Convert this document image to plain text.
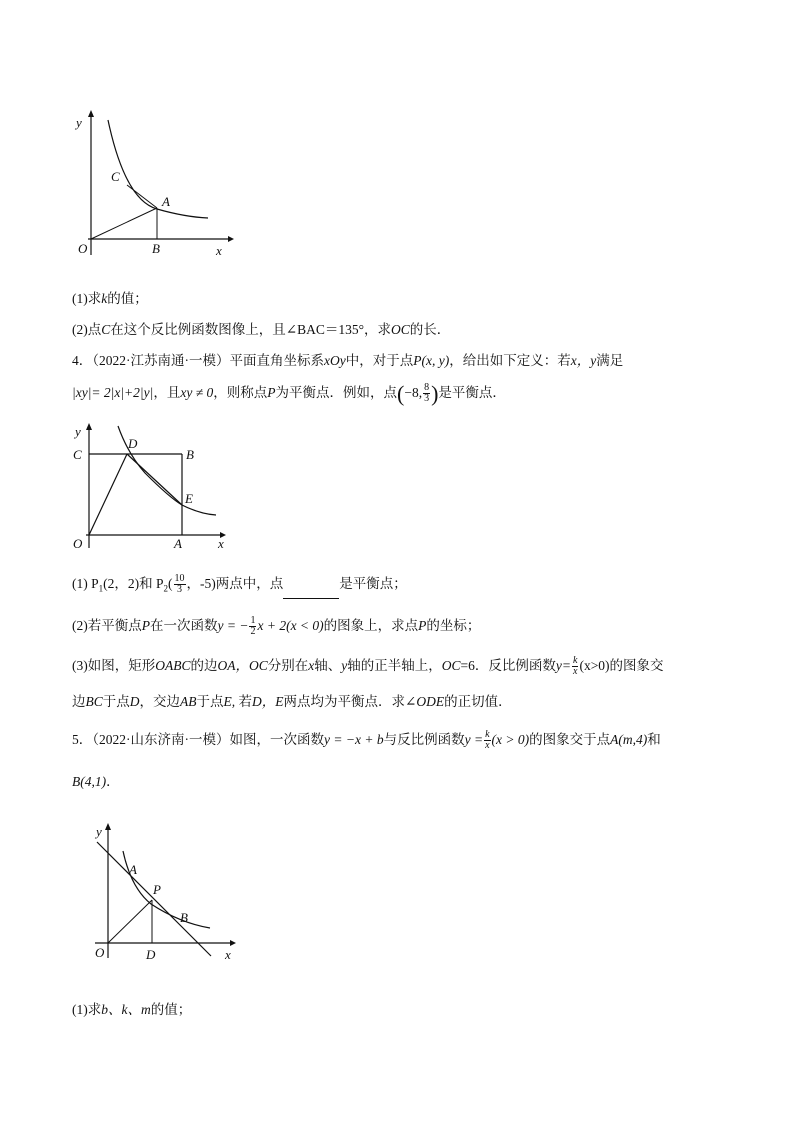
y
C
A
O	B	x
(1)求k的值；
(2)点C在这个反比例函数图像上，且∠BAC＝135°，求OC的长．
4．（2022·江苏南通·一模）平面直角坐标系xOy中，对于点P(x, y)，给出如下定义：若x，y满足
|xy|= 2|x|+2|y|，且xy ≠ 0，则称点P为平衡点．例如，点(−8, $\frac{8}{3}$ )是平衡点．
y
C
D
B
E
O	A	x
(1) $P_1(2$，2)和 $P_2( \frac{10}{3}$ ，-5)两点中，点	是平衡点；
(2)若平衡点P在一次函数y = − $\frac{1}{2}$ x + 2(x < 0)的图象上，求点P的坐标；
(3)如图，矩形OABC的边OA，OC分别在x轴、y轴的正半轴上，OC=6．反比例函数$y= \frac{k}{x} (x>0)$的图象交
边BC于点D，交边AB于点E, 若D，E两点均为平衡点．求∠ODE的正切值．
5．（2022·山东济南·一模）如图，一次函数y = −x + b与反比例函数$y = \frac{k}{x} (x > 0)$的图象交于点A(m,4)和
B(4,1)．
y
A
P
B
O	D	x
(1)求b、k、m的值；
